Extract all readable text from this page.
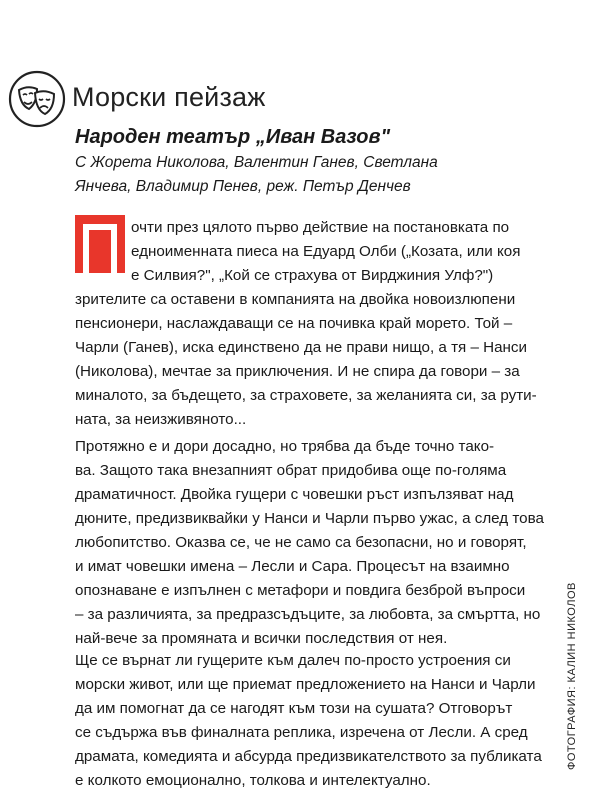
Морски пейзаж
Народен театър „Иван Вазов"
С Жорета Николова, Валентин Ганев, Светлана
Янчева, Владимир Пенев, реж. Петър Денчев
очти през цялото първо действие на постановката по
едноименната пиеса на Едуард Олби („Козата, или коя
е Силвия?", „Кой се страхува от Вирджиния Улф?")
зрителите са оставени в компанията на двойка новоизлюпени
пенсионери, наслаждаващи се на почивка край морето. Той –
Чарли (Ганев), иска единствено да не прави нищо, а тя – Нанси
(Николова), мечтае за приключения. И не спира да говори – за
миналото, за бъдещето, за страховете, за желанията си, за рути-
ната, за неизживяното...
Протяжно е и дори досадно, но трябва да бъде точно тако-
ва. Защото така внезапният обрат придобива още по-голяма
драматичност. Двойка гущери с човешки ръст изпълзяват над
дюните, предизвиквайки у Нанси и Чарли първо ужас, а след това
любопитство. Оказва се, че не само са безопасни, но и говорят,
и имат човешки имена – Лесли и Сара. Процесът на взаимно
опознаване е изпълнен с метафори и повдига безброй въпроси
– за различията, за предразсъдъците, за любовта, за смъртта, но
най-вече за промяната и всички последствия от нея.
Ще се върнат ли гущерите към далеч по-просто устроения си
морски живот, или ще приемат предложението на Нанси и Чарли
да им помогнат да се нагодят към този на сушата? Отговорът
се съдържа във финалната реплика, изречена от Лесли. А сред
драмата, комедията и абсурда предизвикателството за публиката
е колкото емоционално, толкова и интелектуално.
ФОТОГРАФИЯ: КАЛИН НИКОЛОВ
